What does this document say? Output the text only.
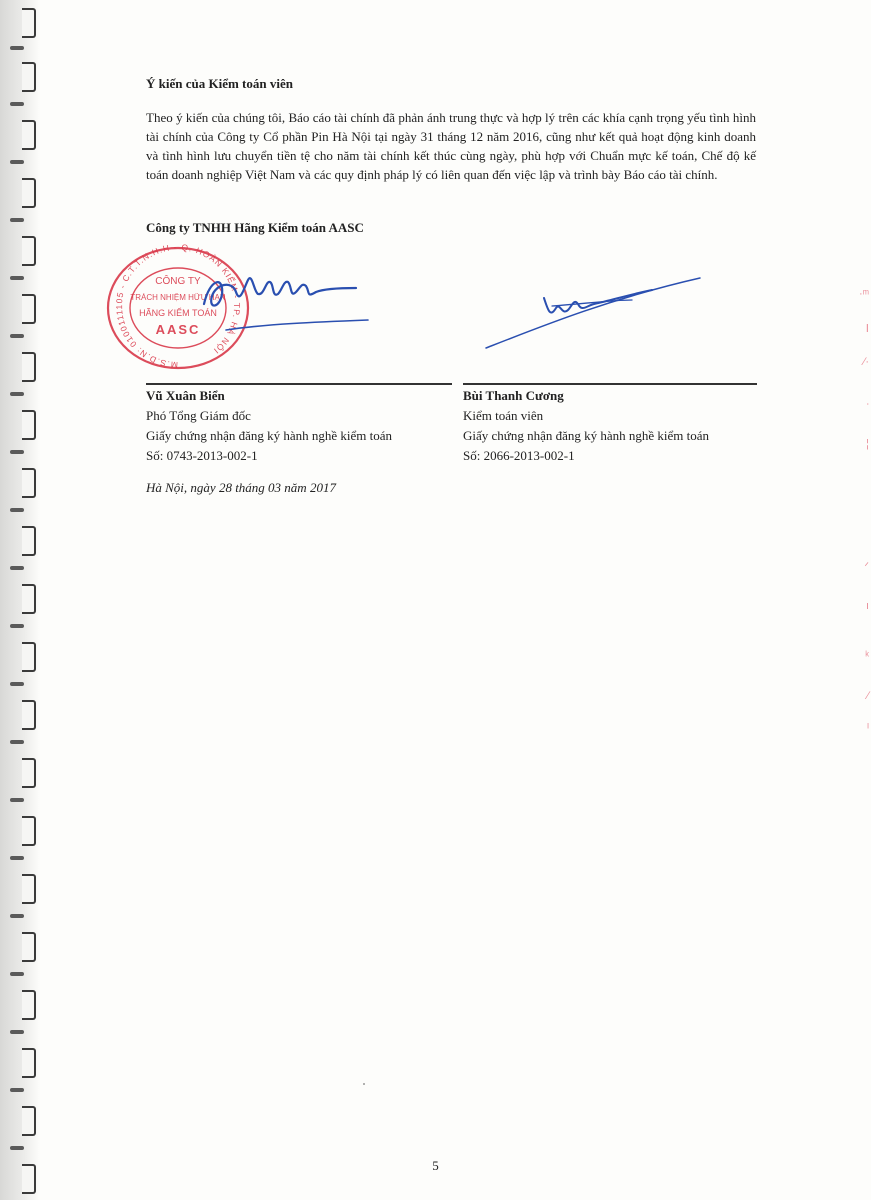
·ᵐ
Ⅰ
∕·
ᐧ
¦
ᐟ
ı
ᵏ
∕
ᴵ
Ý kiến của Kiểm toán viên
Theo ý kiến của chúng tôi, Báo cáo tài chính đã phản ánh trung thực và hợp lý trên các khía cạnh trọng yếu tình hình tài chính của Công ty Cổ phần Pin Hà Nội tại ngày 31 tháng 12 năm 2016, cũng như kết quả hoạt động kinh doanh và tình hình lưu chuyển tiền tệ cho năm tài chính kết thúc cùng ngày, phù hợp với Chuẩn mực kế toán, Chế độ kế toán doanh nghiệp Việt Nam và các quy định pháp lý có liên quan đến việc lập và trình bày Báo cáo tài chính.
Công ty TNHH Hãng Kiểm toán AASC
M.S.D.N: 0100111105 - C.T.T.N.H.H - Q. HOÀN KIẾM - TP. HÀ NỘI
CÔNG TY
TRÁCH NHIỆM HỮU HẠN
HÃNG KIỂM TOÁN
AASC
Vũ Xuân Biển
Phó Tổng Giám đốc
Giấy chứng nhận đăng ký hành nghề kiểm toán
Số: 0743-2013-002-1
Bùi Thanh Cương
Kiểm toán viên
Giấy chứng nhận đăng ký hành nghề kiểm toán
Số: 2066-2013-002-1
Hà Nội, ngày 28 tháng 03 năm 2017
5
